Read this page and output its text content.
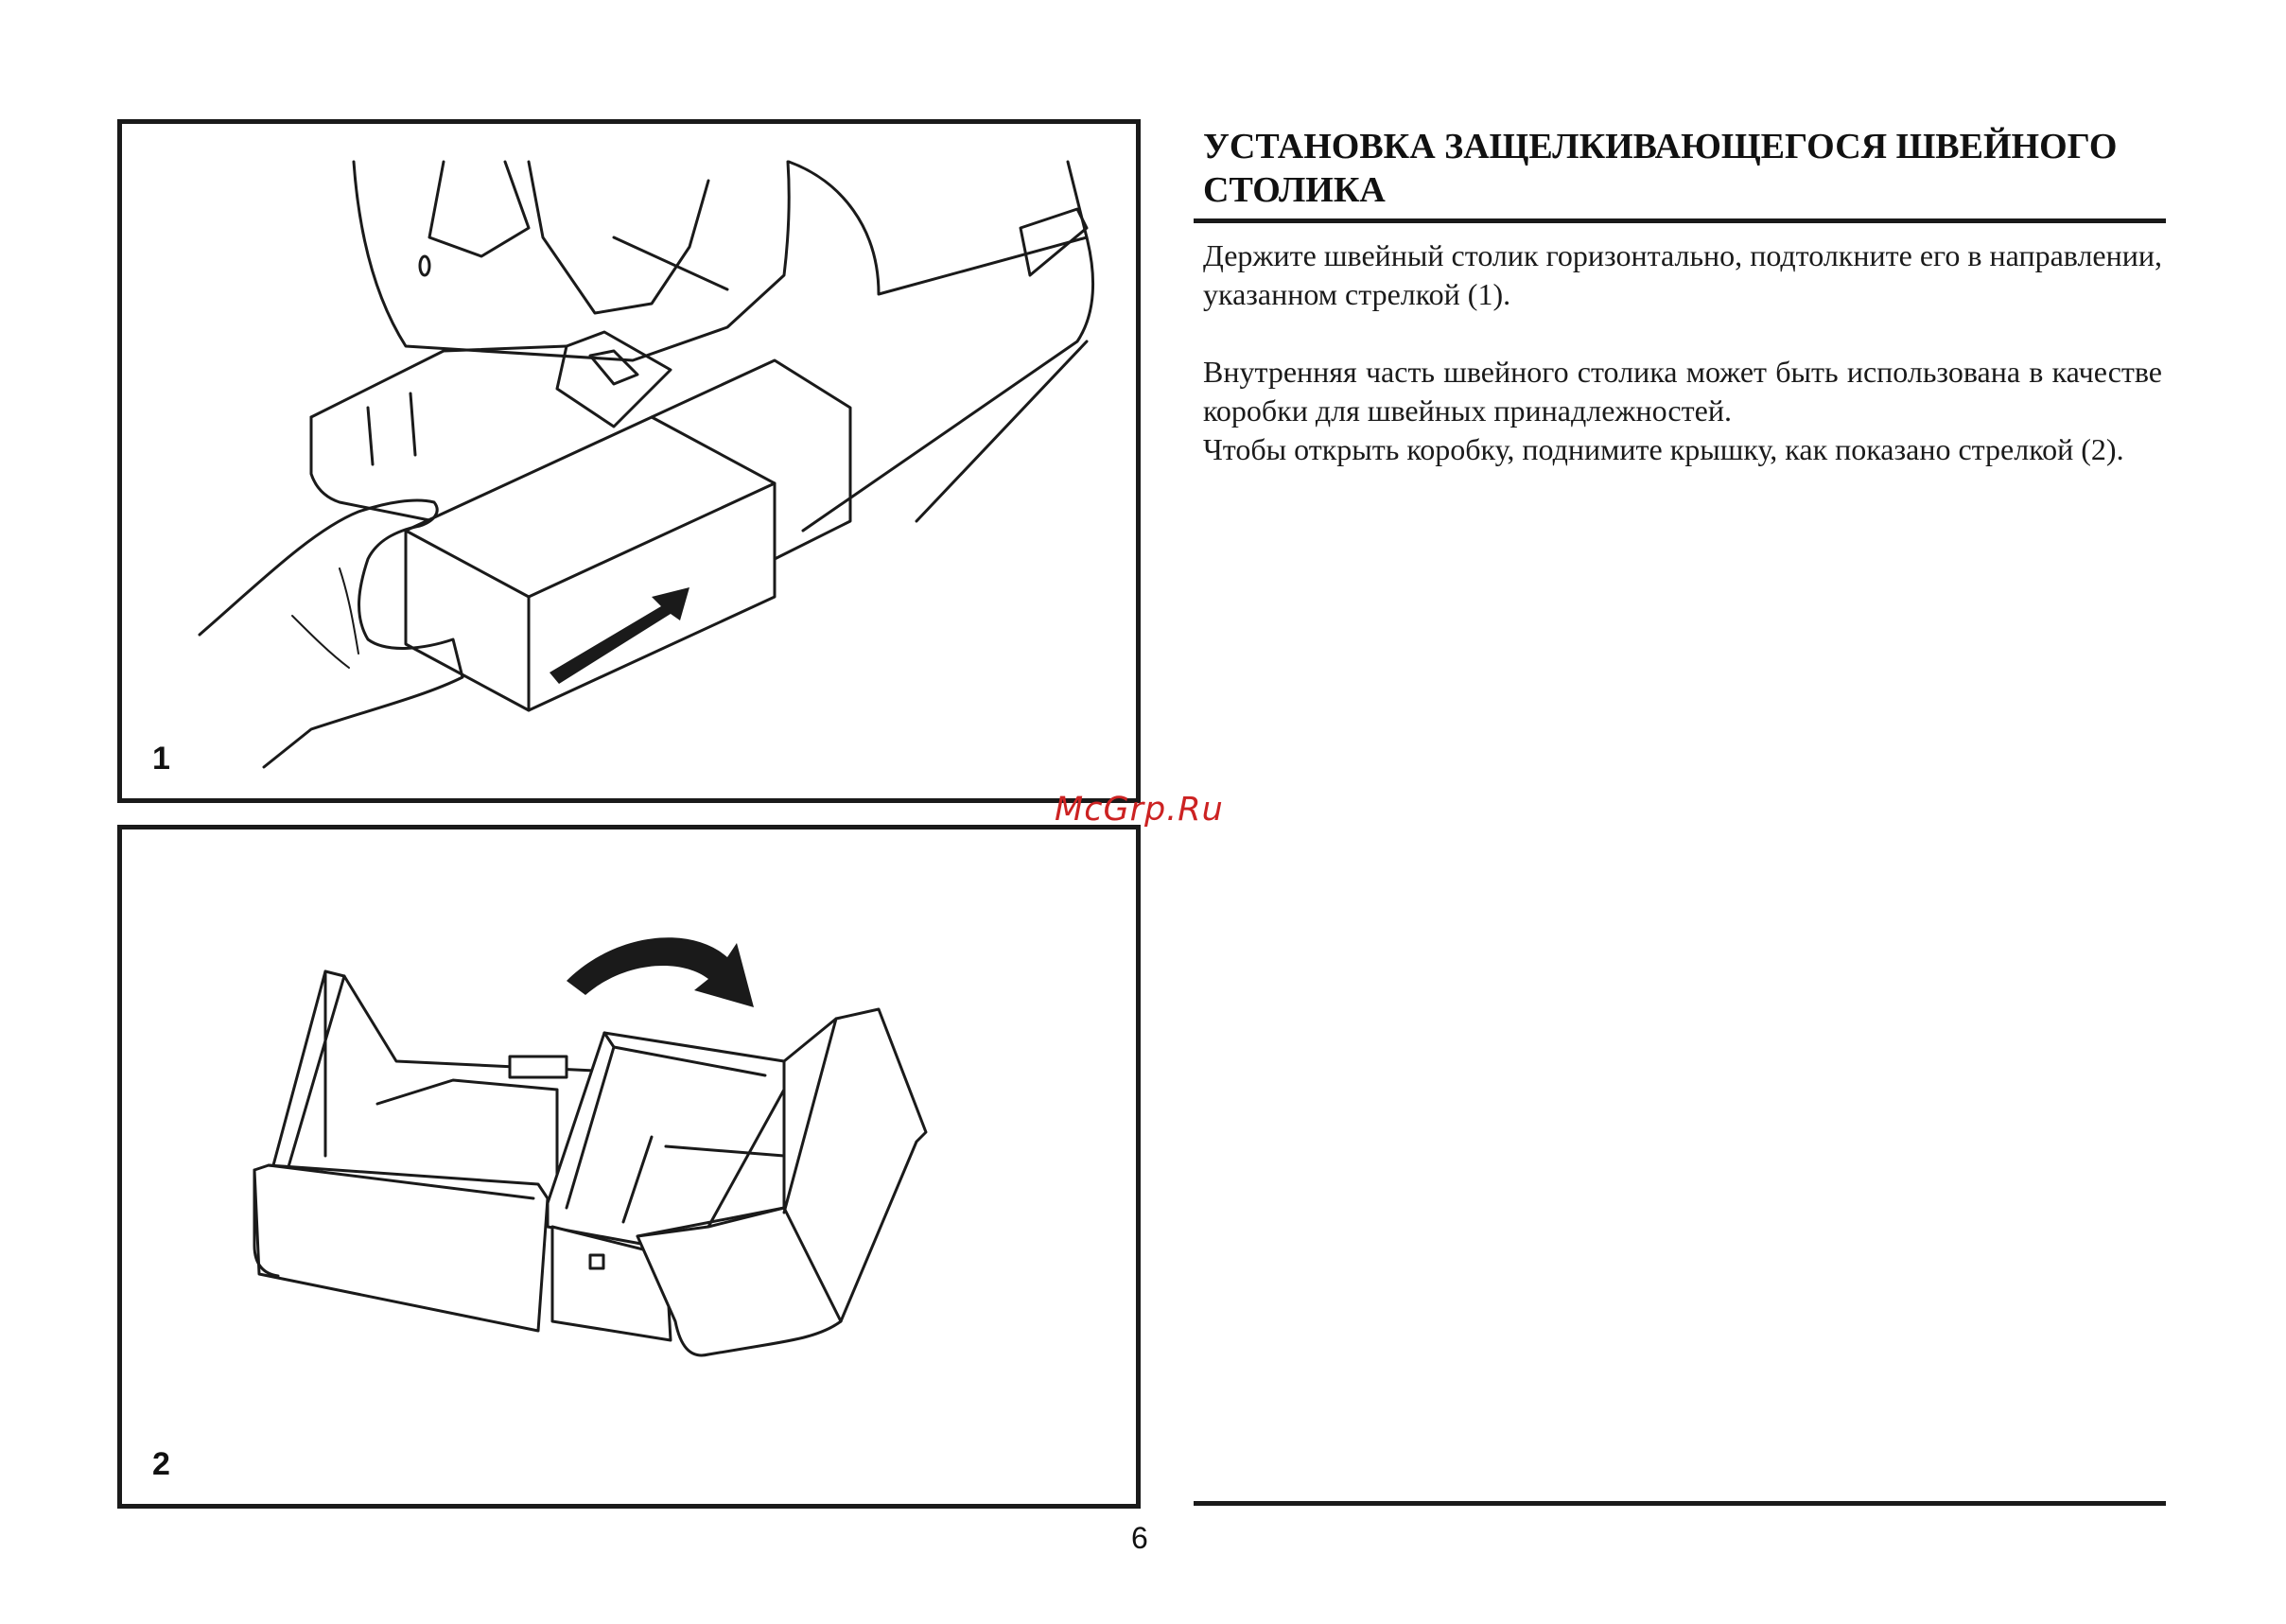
1
2
McGrp.Ru
УСТАНОВКА ЗАЩЕЛКИВАЮЩЕГОСЯ ШВЕЙНОГО СТОЛИКА

Держите швейный столик горизонтально, подтолкните его в направлении, указанном стрелкой (1).

Внутренняя часть швейного столика может быть использована в качестве коробки для швейных принадлежностей.

Чтобы открыть коробку, поднимите крышку, как показано стрелкой (2).

6
